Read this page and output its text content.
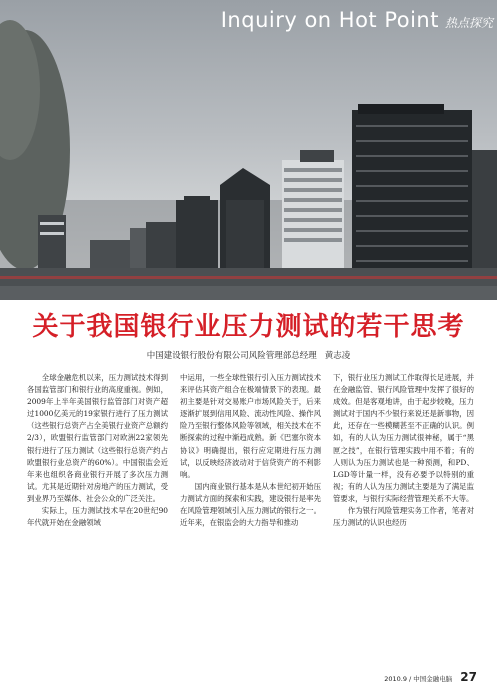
Inquiry on Hot Point 热点探究
关于我国银行业压力测试的若干思考
中国建设银行股份有限公司风险管理部总经理 黄志凌

全球金融危机以来，压力测试技术得到各国监管部门和银行业的高度重视。例如，2009年上半年美国银行监管部门对资产超过1000亿美元的19家银行进行了压力测试（这些银行总资产占全美银行业资产总额约2/3），欧盟银行监管部门对欧洲22家领先银行进行了压力测试（这些银行总资产约占欧盟银行业总资产的60%）。中国银监会近年来也组织各商业银行开展了多次压力测试。尤其是近期针对房地产的压力测试，受到业界乃至媒体、社会公众的广泛关注。

实际上，压力测试技术早在20世纪90年代就开始在金融领域

中运用，一些全球性银行引入压力测试技术来评估其资产组合在极端情景下的表现。最初主要是针对交易账户市场风险关于，后来逐渐扩展到信用风险、流动性风险、操作风险乃至银行整体风险等领域，相关技术在不断探索的过程中渐趋成熟。新《巴塞尔资本协议》明确提出，银行应定期进行压力测试，以反映经济波动对于信贷资产的不利影响。

国内商业银行基本是从本世纪初开始压力测试方面的探索和实践，建设银行是率先在风险管理领域引入压力测试的银行之一。近年来，在银监会的大力指导和推动

下，银行业压力测试工作取得长足进展，并在金融监管、银行风险管理中发挥了很好的成效。但是客观地讲，由于起步较晚，压力测试对于国内不少银行来说还是新事物，因此，还存在一些模糊甚至不正确的认识。例如，有的人认为压力测试很神秘，属于“黑匣之技”，在银行管理实践中用不着；有的人则认为压力测试也是一种预测，和PD、LGD等计量一样，没有必要予以特别的重视；有的人认为压力测试主要是为了满足监管要求，与银行实际经营管理关系不大等。

作为银行风险管理实务工作者，笔者对压力测试的认识也经历

2010.9 / 中国金融电脑 27
